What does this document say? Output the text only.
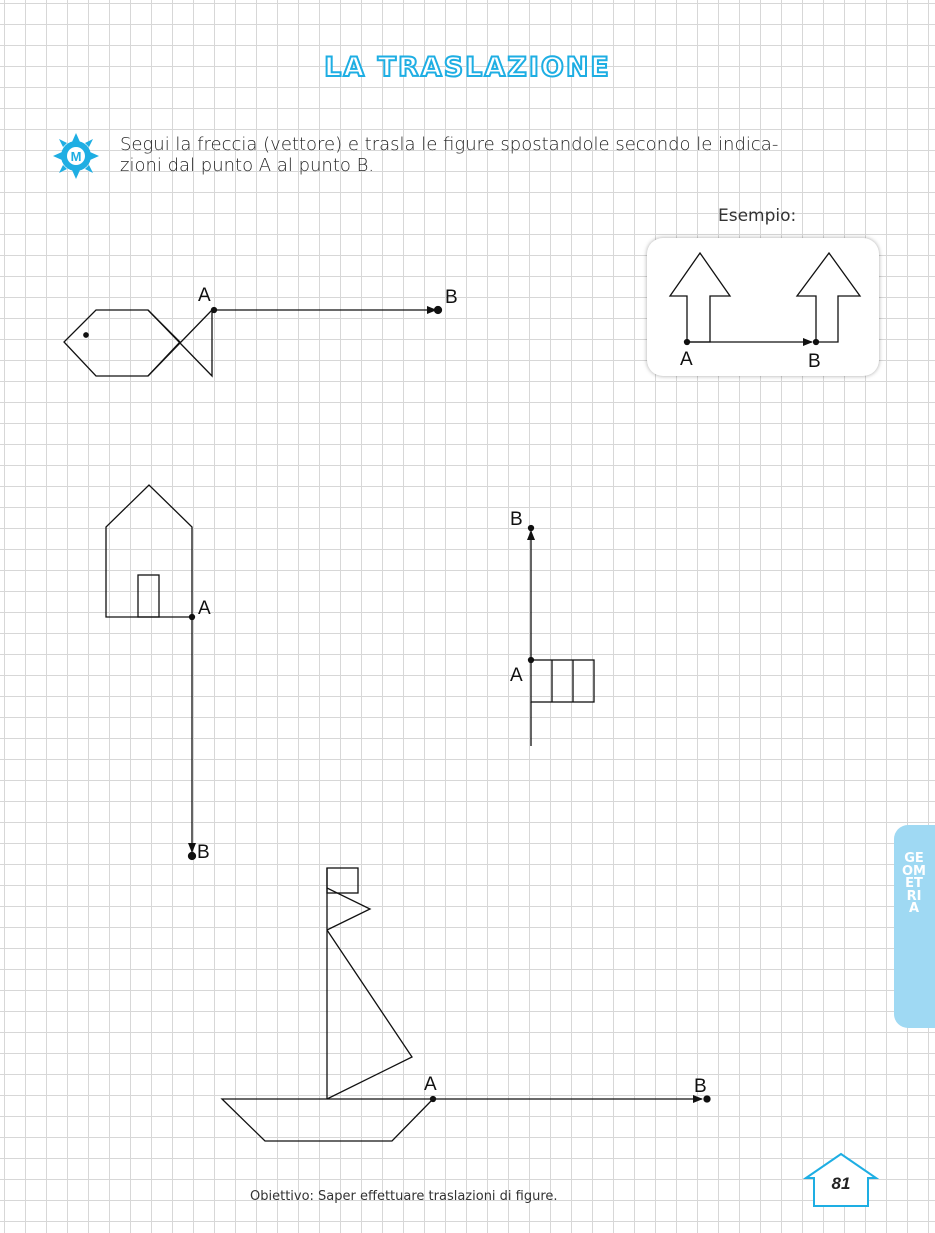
LA TRASLAZIONE
M
Segui la freccia (vettore) e trasla le figure spostandole secondo le indica-
zioni dal punto A al punto B.
Esempio:
A	B
A	B
A
B
A
B
A	B
GEOMETRIA
Obiettivo: Saper effettuare traslazioni di figure.
81
